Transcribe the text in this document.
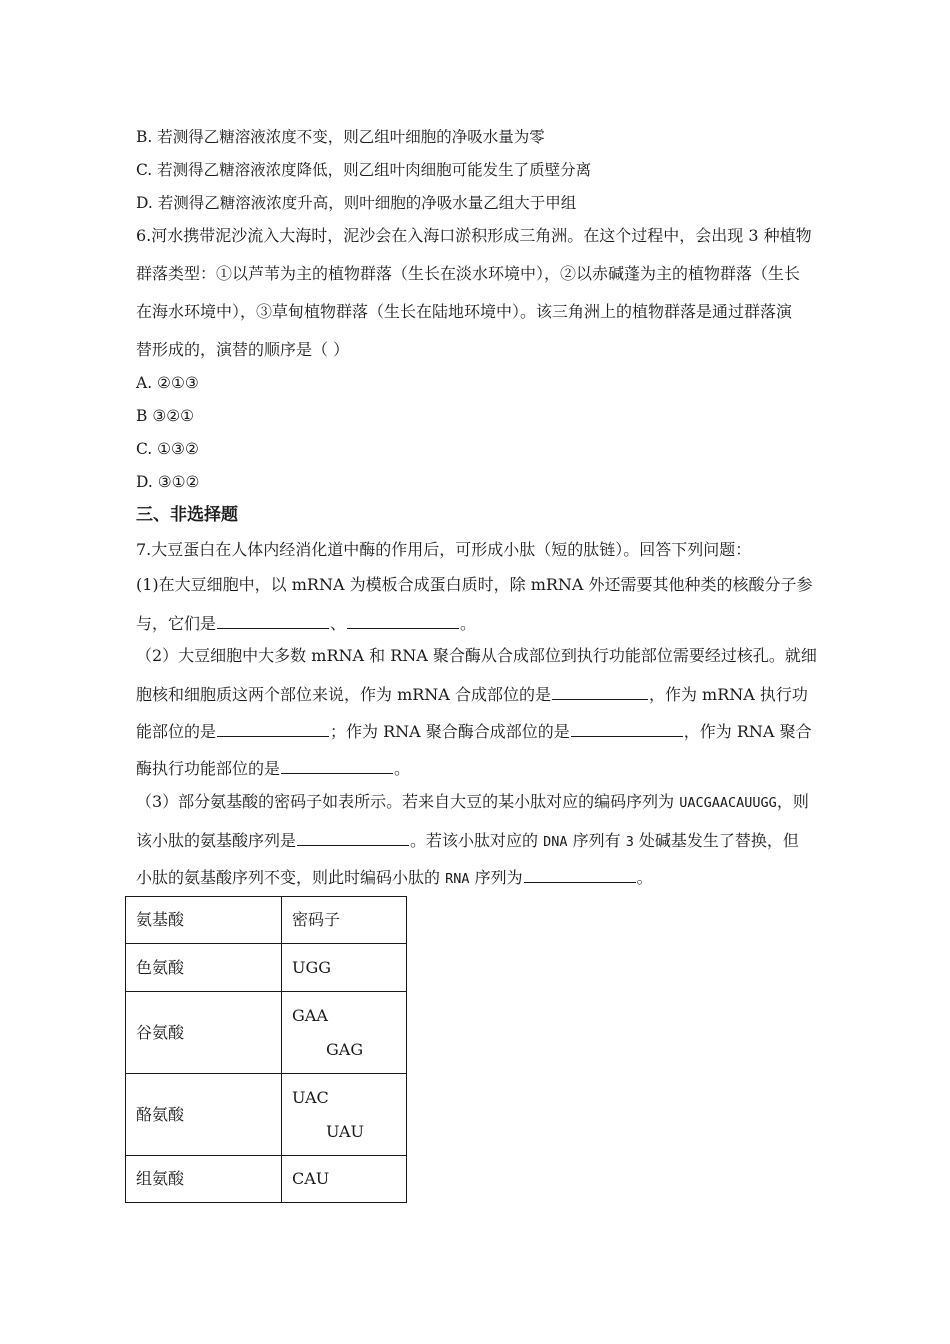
B. 若测得乙糖溶液浓度不变，则乙组叶细胞的净吸水量为零
C. 若测得乙糖溶液浓度降低，则乙组叶肉细胞可能发生了质壁分离
D. 若测得乙糖溶液浓度升高，则叶细胞的净吸水量乙组大于甲组
6.河水携带泥沙流入大海时，泥沙会在入海口淤积形成三角洲。在这个过程中，会出现 3 种植物
群落类型：①以芦苇为主的植物群落（生长在淡水环境中），②以赤碱蓬为主的植物群落（生长
在海水环境中），③草甸植物群落（生长在陆地环境中）。该三角洲上的植物群落是通过群落演
替形成的，演替的顺序是（ ）
A. ②①③
B ③②①
C. ①③②
D. ③①②
三、非选择题
7.大豆蛋白在人体内经消化道中酶的作用后，可形成小肽（短的肽链）。回答下列问题：
(1)在大豆细胞中，以 mRNA 为模板合成蛋白质时，除 mRNA 外还需要其他种类的核酸分子参
与，它们是	、	。
（2）大豆细胞中大多数 mRNA 和 RNA 聚合酶从合成部位到执行功能部位需要经过核孔。就细
胞核和细胞质这两个部位来说，作为 mRNA 合成部位的是	，作为 mRNA 执行功
能部位的是	；作为 RNA 聚合酶合成部位的是	，作为 RNA 聚合
酶执行功能部位的是	。
（3）部分氨基酸的密码子如表所示。若来自大豆的某小肽对应的编码序列为 UACGAACAUUGG，则
该小肽的氨基酸序列是	。若该小肽对应的 DNA 序列有 3 处碱基发生了替换，但
小肽的氨基酸序列不变，则此时编码小肽的 RNA 序列为	。
氨基酸	密码子
色氨酸	UGG
谷氨酸	GAA
GAG

酪氨酸	UAC
UAU

组氨酸	CAU
